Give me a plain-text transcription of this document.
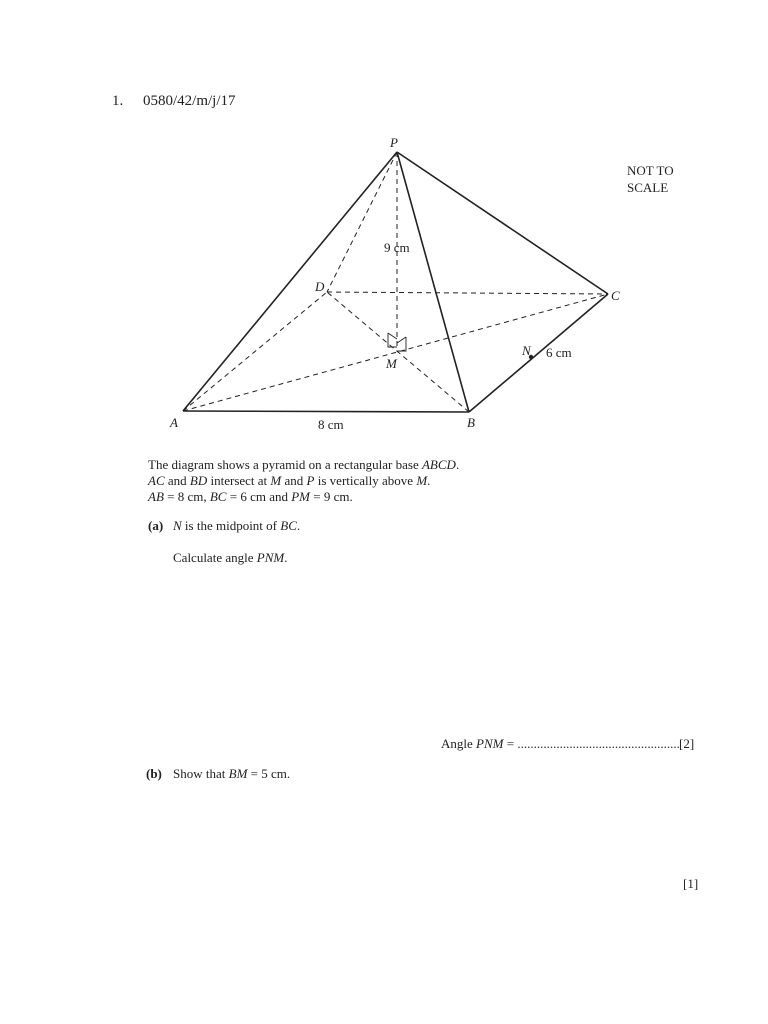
1. 0580/42/m/j/17
P
A	B
C
D
M
N
9 cm
8 cm
6 cm
NOT TO
SCALE
The diagram shows a pyramid on a rectangular base ABCD.
AC and BD intersect at M and P is vertically above M.
AB = 8 cm, BC = 6 cm and PM = 9 cm.
(a) N is the midpoint of BC.
Calculate angle PNM.
Angle PNM = .................................................. [2]
(b) Show that BM = 5 cm.
[1]
